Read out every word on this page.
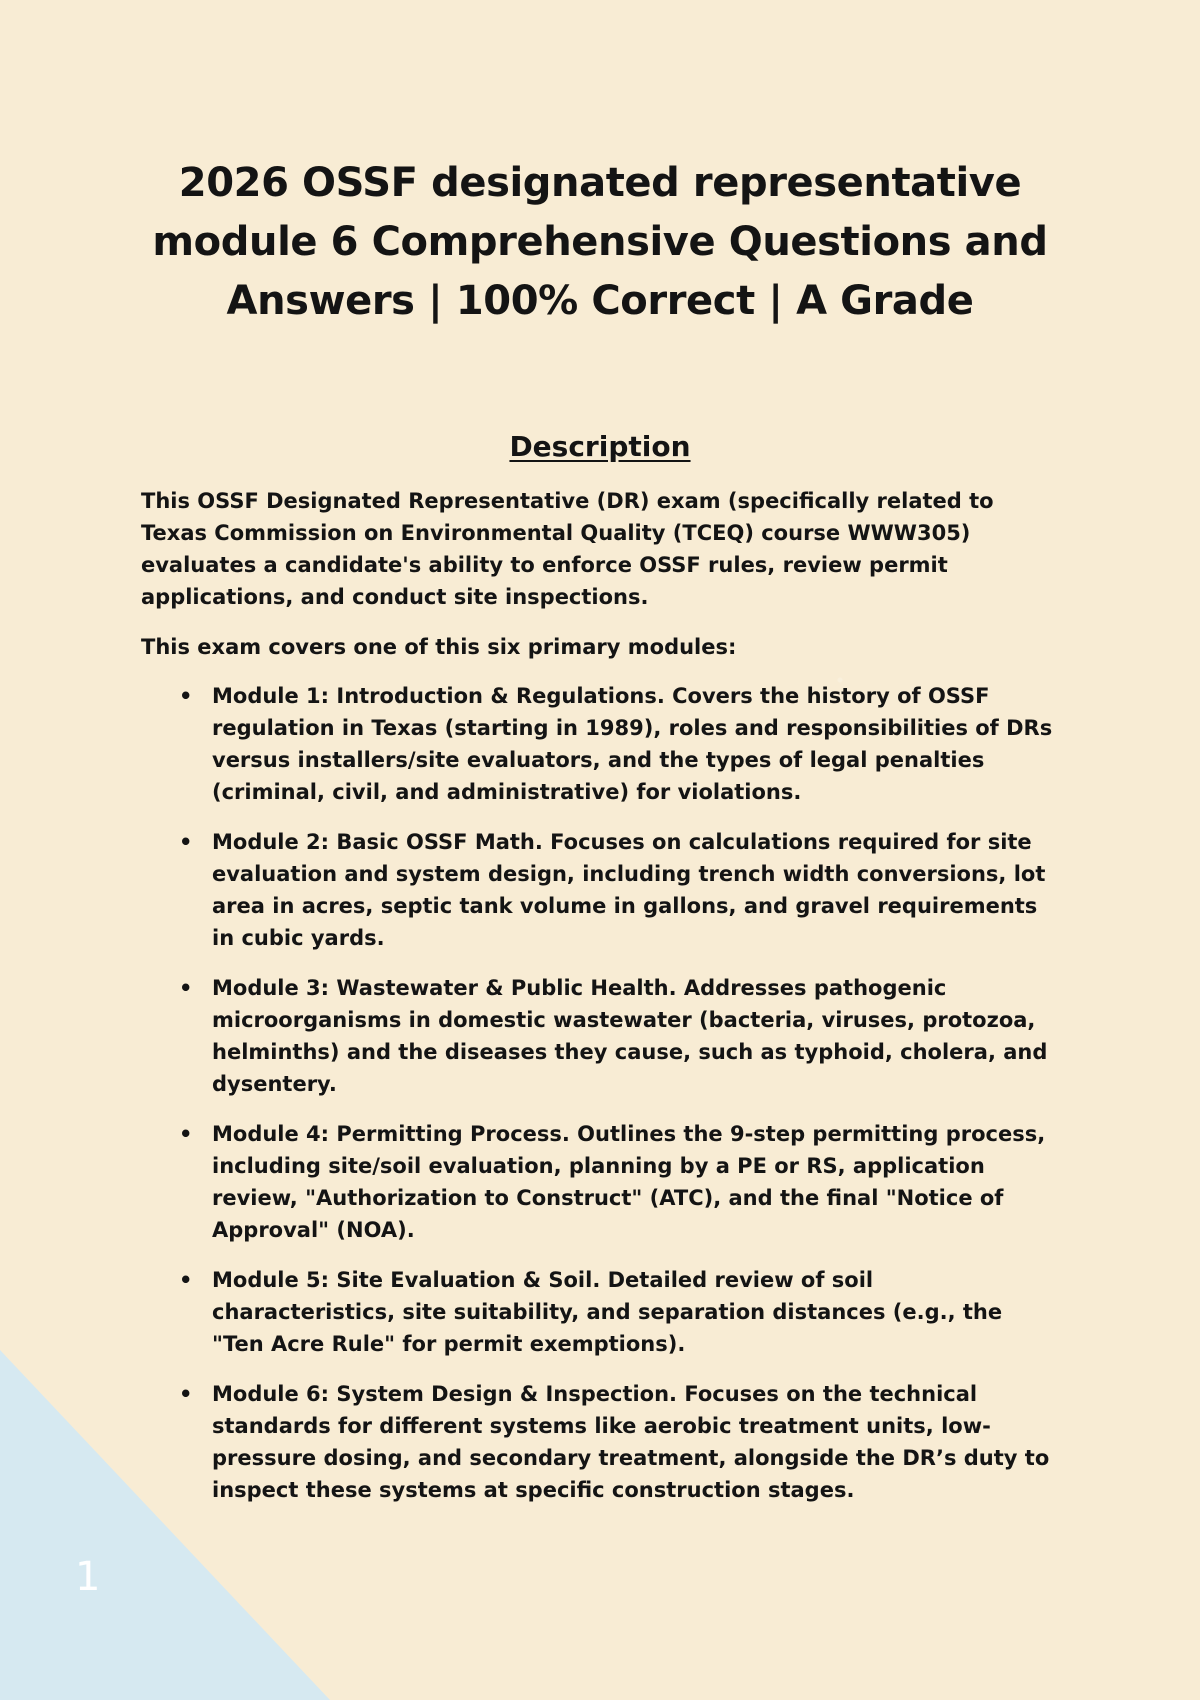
2026 OSSF designated representative module 6 Comprehensive Questions and Answers | 100% Correct | A Grade
Description

This OSSF Designated Representative (DR) exam (specifically related to Texas Commission on Environmental Quality (TCEQ) course WWW305) evaluates a candidate's ability to enforce OSSF rules, review permit applications, and conduct site inspections.

This exam covers one of this six primary modules:

• Module 1: Introduction & Regulations. Covers the history of OSSF regulation in Texas (starting in 1989), roles and responsibilities of DRs versus installers/site evaluators, and the types of legal penalties (criminal, civil, and administrative) for violations.
• Module 2: Basic OSSF Math. Focuses on calculations required for site evaluation and system design, including trench width conversions, lot area in acres, septic tank volume in gallons, and gravel requirements in cubic yards.
• Module 3: Wastewater & Public Health. Addresses pathogenic microorganisms in domestic wastewater (bacteria, viruses, protozoa, helminths) and the diseases they cause, such as typhoid, cholera, and dysentery.
• Module 4: Permitting Process. Outlines the 9-step permitting process, including site/soil evaluation, planning by a PE or RS, application review, "Authorization to Construct" (ATC), and the final "Notice of Approval" (NOA).
• Module 5: Site Evaluation & Soil. Detailed review of soil characteristics, site suitability, and separation distances (e.g., the "Ten Acre Rule" for permit exemptions).
• Module 6: System Design & Inspection. Focuses on the technical standards for different systems like aerobic treatment units, low-pressure dosing, and secondary treatment, alongside the DR’s duty to inspect these systems at specific construction stages.
1
